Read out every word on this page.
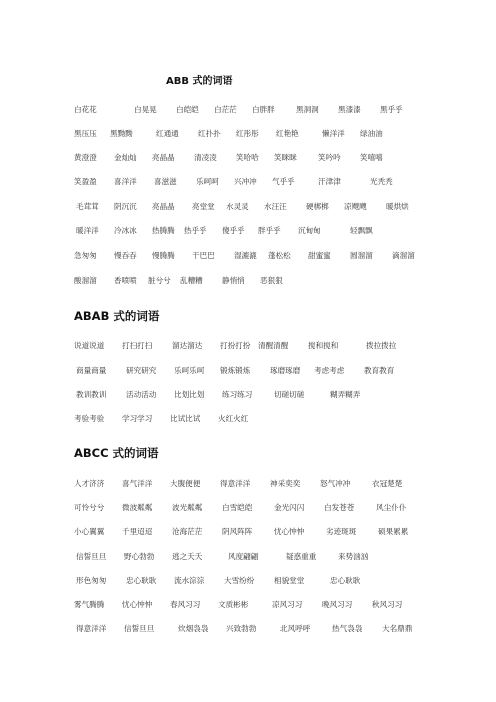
ABB 式的词语
白花花	白晃晃	白皑皑 白茫茫 白胖胖	黑洞洞	黑漆漆	黑乎乎
黑压压 黑黝黝	红通通	红扑扑 红彤彤 红艳艳	懒洋洋 绿油油
黄澄澄 金灿灿 亮晶晶	清凌凌	笑哈哈 笑眯眯	笑吟吟	笑嘻嘻
笑盈盈 喜洋洋 喜滋滋	乐呵呵 兴冲冲 气乎乎	汗津津	光秃秃
毛茸茸 阴沉沉 亮晶晶 亮堂堂 水灵灵 水汪汪	硬梆梆 凉飕飕	暖烘烘
暖洋洋 冷冰冰 热腾腾 热乎乎 傻乎乎 胖乎乎 沉甸甸	轻飘飘
急匆匆 慢吞吞 慢腾腾 干巴巴	湿漉漉 蓬松松 甜蜜蜜	圆溜溜	滴溜溜
酸溜溜 香喷喷 脏兮兮 乱糟糟	静悄悄 恶狠狠
ABAB 式的词语
说道说道 打扫打扫	溜达溜达 打扮打扮 清醒清醒	搅和搅和	拨拉拨拉
商量商量	研究研究 乐呵乐呵 锻炼锻炼	琢磨琢磨 考虑考虑	教育教育
教训教训	活动活动 比划比划 练习练习	切磋切磋	糊弄糊弄
考验考验 学习学习 比试比试 火红火红
ABCC 式的词语
人才济济 喜气洋洋 大腹便便	得意洋洋	神采奕奕	怒气冲冲	衣冠楚楚
可怜兮兮 微波粼粼	波光粼粼	白雪皑皑	金光闪闪	白发苍苍	风尘仆仆
小心翼翼 千里迢迢	沧海茫茫	阴风阵阵	忧心忡忡	劣迹斑斑	硕果累累
信誓旦旦 野心勃勃 逃之夭夭	风度翩翩	疑惑重重	来势汹汹
形色匆匆	忠心耿耿 流水淙淙	大雪纷纷	相貌堂堂	忠心耿耿
雾气腾腾 忧心忡忡 春风习习 文质彬彬	凉风习习	晚风习习	秋风习习
得意洋洋 信誓旦旦	炊烟袅袅 兴致勃勃	北风呼呼	热气袅袅	大名鼎鼎
